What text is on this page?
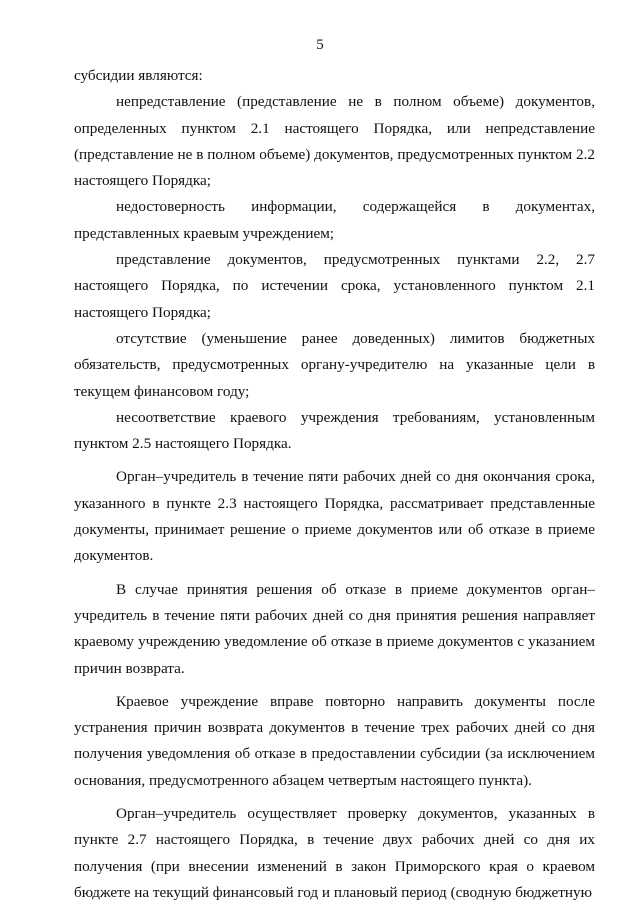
5

субсидии являются:

непредставление (представление не в полном объеме) документов, определенных пунктом 2.1 настоящего Порядка, или непредставление (представление не в полном объеме) документов, предусмотренных пунктом 2.2 настоящего Порядка;

недостоверность информации, содержащейся в документах, представленных краевым учреждением;

представление документов, предусмотренных пунктами 2.2, 2.7 настоящего Порядка, по истечении срока, установленного пунктом 2.1 настоящего Порядка;

отсутствие (уменьшение ранее доведенных) лимитов бюджетных обязательств, предусмотренных органу-учредителю на указанные цели в текущем финансовом году;

несоответствие краевого учреждения требованиям, установленным пунктом 2.5 настоящего Порядка.

Орган–учредитель в течение пяти рабочих дней со дня окончания срока, указанного в пункте 2.3 настоящего Порядка, рассматривает представленные документы, принимает решение о приеме документов или об отказе в приеме документов.

В случае принятия решения об отказе в приеме документов орган–учредитель в течение пяти рабочих дней со дня принятия решения направляет краевому учреждению уведомление об отказе в приеме документов с указанием причин возврата.

Краевое учреждение вправе повторно направить документы после устранения причин возврата документов в течение трех рабочих дней со дня получения уведомления об отказе в предоставлении субсидии (за исключением основания, предусмотренного абзацем четвертым настоящего пункта).

Орган–учредитель осуществляет проверку документов, указанных в пункте 2.7 настоящего Порядка, в течение двух рабочих дней со дня их получения (при внесении изменений в закон Приморского края о краевом бюджете на текущий финансовый год и плановый период (сводную бюджетную
